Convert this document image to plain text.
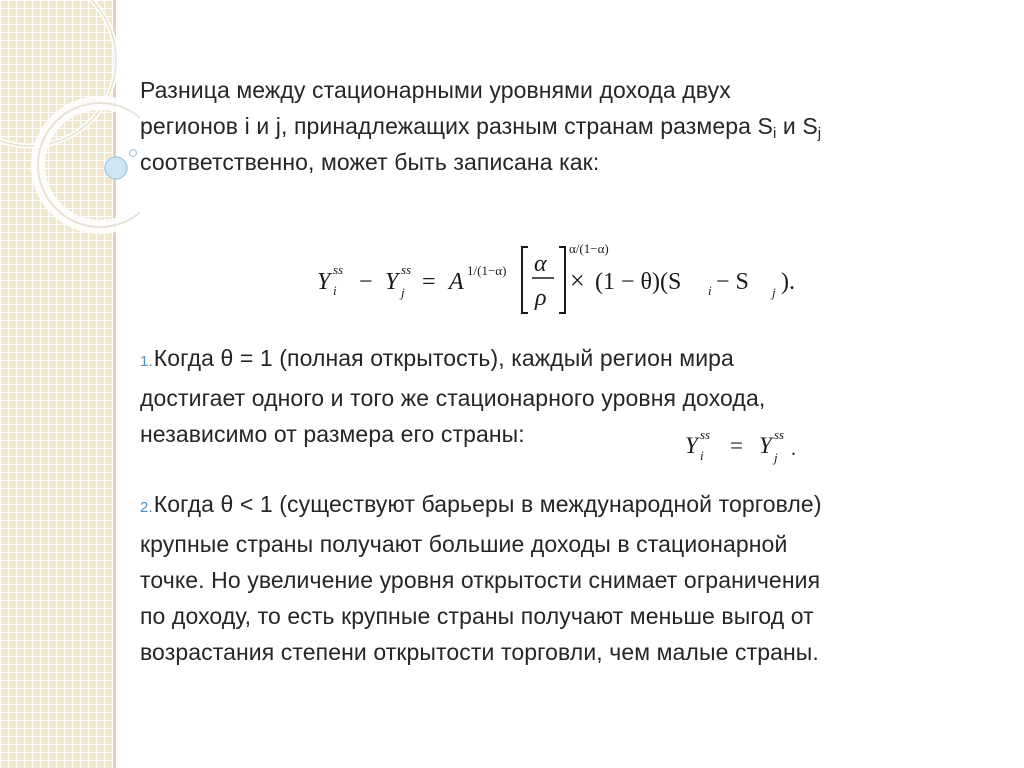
Разница между стационарными уровнями дохода двух

регионов i и j, принадлежащих разным странам размера $S_i$ и $S_j$

соответственно, может быть записана как:

Y ss
i − Y ss
j = A 1/(1−α) α
ρ
α/(1−α)
× (1 − θ)(S i − S j ).

1.Когда θ = 1 (полная открытость), каждый регион мира

достигает одного и того же стационарного уровня дохода,

независимо от размера его страны:	Y ss
i = Y ss
j .

2.Когда θ < 1 (существуют барьеры в международной торговле)

крупные страны получают большие доходы в стационарной

точке. Но увеличение уровня открытости снимает ограничения

по доходу, то есть крупные страны получают меньше выгод от

возрастания степени открытости торговли, чем малые страны.
